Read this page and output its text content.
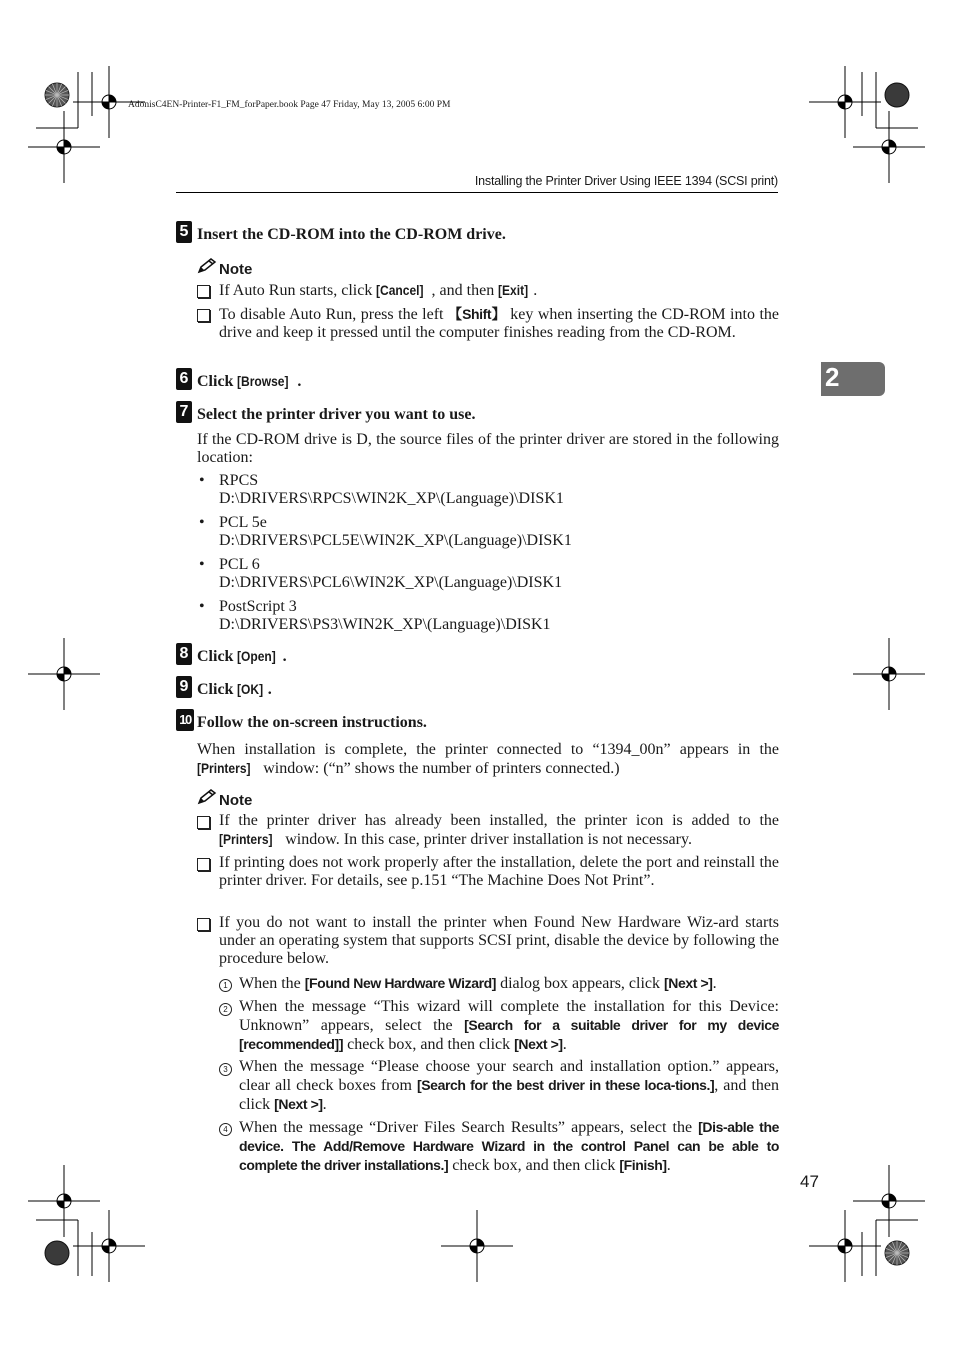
AdonisC4EN-Printer-F1_FM_forPaper.book Page 47 Friday, May 13, 2005 6:00 PM
Installing the Printer Driver Using IEEE 1394 (SCSI print)
2
5 Insert the CD-ROM into the CD-ROM drive.
Note
If Auto Run starts, click [Cancel] , and then [Exit] .
To disable Auto Run, press the left 【Shift】 key when inserting the CD-ROM into the drive and keep it pressed until the computer finishes reading from the CD-ROM.
6 Click [Browse] .
7 Select the printer driver you want to use.
If the CD-ROM drive is D, the source files of the printer driver are stored in the following location:
• RPCS
D:\DRIVERS\RPCS\WIN2K_XP\(Language)\DISK1
• PCL 5e
D:\DRIVERS\PCL5E\WIN2K_XP\(Language)\DISK1
• PCL 6
D:\DRIVERS\PCL6\WIN2K_XP\(Language)\DISK1
• PostScript 3
D:\DRIVERS\PS3\WIN2K_XP\(Language)\DISK1
8 Click [Open] .
9 Click [OK] .
10 Follow the on-screen instructions.
When installation is complete, the printer connected to “1394_00n” appears in the [Printers] window: (“n” shows the number of printers connected.)
Note
If the printer driver has already been installed, the printer icon is added to the [Printers] window. In this case, printer driver installation is not necessary.
If printing does not work properly after the installation, delete the port and reinstall the printer driver. For details, see p.151 “The Machine Does Not Print”.
If you do not want to install the printer when Found New Hardware Wiz-ard starts under an operating system that supports SCSI print, disable the device by following the procedure below.
1 When the [Found New Hardware Wizard] dialog box appears, click [Next >].
2 When the message “This wizard will complete the installation for this Device: Unknown” appears, select the [Search for a suitable driver for my device [recommended]] check box, and then click [Next >].
3 When the message “Please choose your search and installation option.” appears, clear all check boxes from [Search for the best driver in these loca-tions.], and then click [Next >].
4 When the message “Driver Files Search Results” appears, select the [Dis-able the device. The Add/Remove Hardware Wizard in the control Panel can be able to complete the driver installations.] check box, and then click [Finish].
47
